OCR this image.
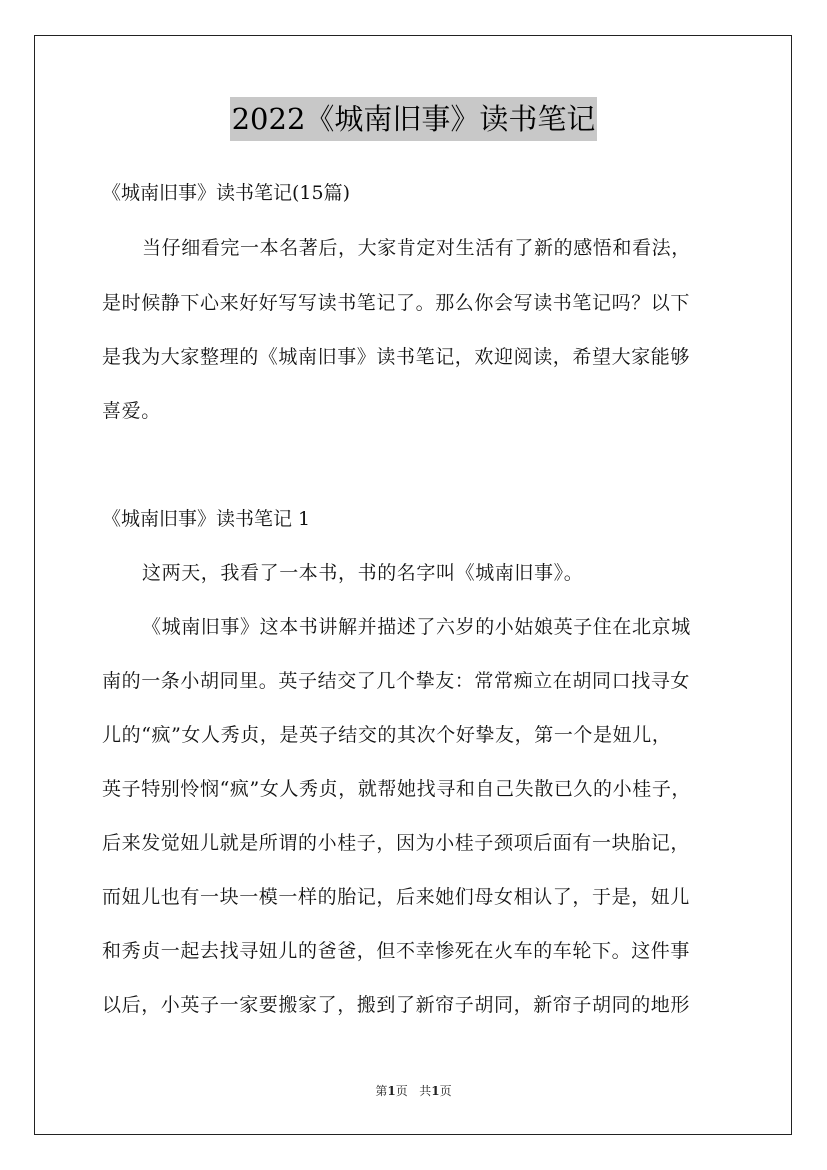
2022《城南旧事》读书笔记
《城南旧事》读书笔记(15篇)
当仔细看完一本名著后，大家肯定对生活有了新的感悟和看法，
是时候静下心来好好写写读书笔记了。那么你会写读书笔记吗？以下
是我为大家整理的《城南旧事》读书笔记，欢迎阅读，希望大家能够
喜爱。
《城南旧事》读书笔记 1
这两天，我看了一本书，书的名字叫《城南旧事》。
《城南旧事》这本书讲解并描述了六岁的小姑娘英子住在北京城
南的一条小胡同里。英子结交了几个挚友：常常痴立在胡同口找寻女
儿的“疯”女人秀贞，是英子结交的其次个好挚友，第一个是妞儿，
英子特别怜悯“疯”女人秀贞，就帮她找寻和自己失散已久的小桂子，
后来发觉妞儿就是所谓的小桂子，因为小桂子颈项后面有一块胎记，
而妞儿也有一块一模一样的胎记，后来她们母女相认了，于是，妞儿
和秀贞一起去找寻妞儿的爸爸，但不幸惨死在火车的车轮下。这件事
以后，小英子一家要搬家了，搬到了新帘子胡同，新帘子胡同的地形
第1页 共1页
